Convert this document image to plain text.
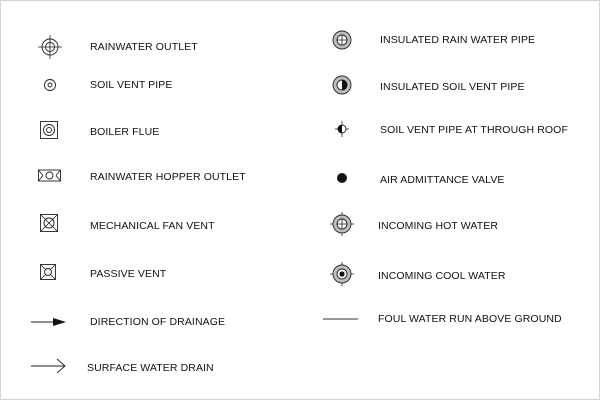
RAINWATER OUTLET
SOIL VENT PIPE
BOILER FLUE
RAINWATER HOPPER OUTLET
MECHANICAL FAN VENT
PASSIVE VENT
DIRECTION OF DRAINAGE
SURFACE WATER DRAIN
INSULATED RAIN WATER PIPE
INSULATED SOIL VENT PIPE
SOIL VENT PIPE AT THROUGH ROOF
AIR ADMITTANCE VALVE
INCOMING HOT WATER
INCOMING COOL WATER
FOUL WATER RUN ABOVE GROUND
